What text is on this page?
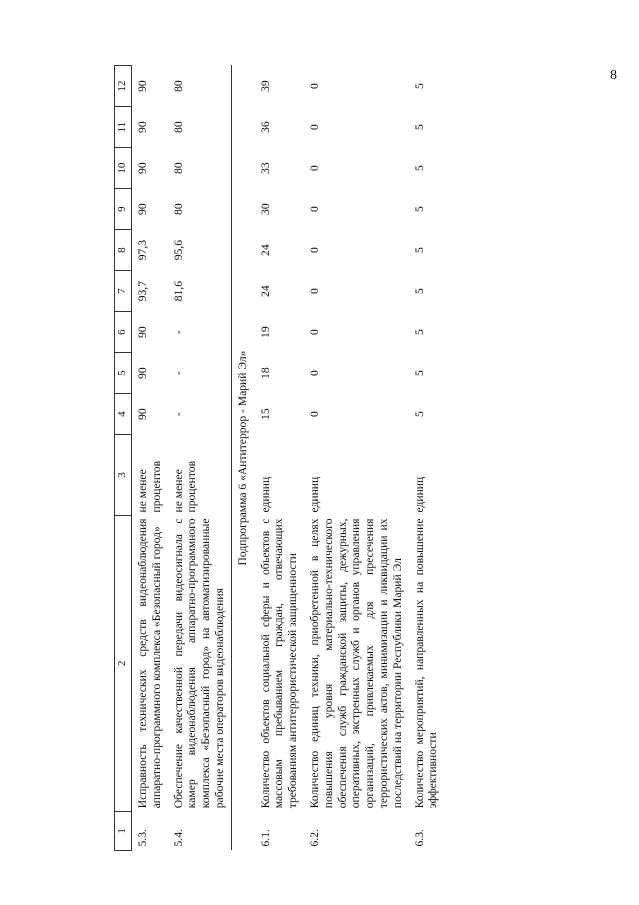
8
1	2	3	4	5	6	7	8	9	10	11	12
5.3.	Исправность технических средств видеонаблюдения аппаратно-программного комплекса «Безопасный город»	не менее процентов	90	90	90	93,7	97,3	90	90	90	90
5.4.	Обеспечение качественной передачи видеосигнала с камер видеонаблюдения аппаратно-программного комплекса «Безопасный город» на автоматизированные рабочие места операторов видеонаблюдения	не менее процентов	-	-	-	81,6	95,6	80	80	80	80
Подпрограмма 6 «Антитеррор - Марий Эл»											
6.1.	Количество объектов социальной сферы и объектов с массовым пребыванием граждан, отвечающих требованиям антитеррористической защищенности	единиц	15	18	19	24	24	30	33	36	39
6.2.	Количество единиц техники, приобретенной в целях повышения уровня материально-технического обеспечения служб гражданской защиты, дежурных, оперативных, экстренных служб и органов управления организаций, привлекаемых для пресечения террористических актов, минимизации и ликвидации их последствий на территории Республики Марий Эл	единиц	0	0	0	0	0	0	0	0	0
6.3.	Количество мероприятий, направленных на повышение эффективности	единиц	5	5	5	5	5	5	5	5	5
